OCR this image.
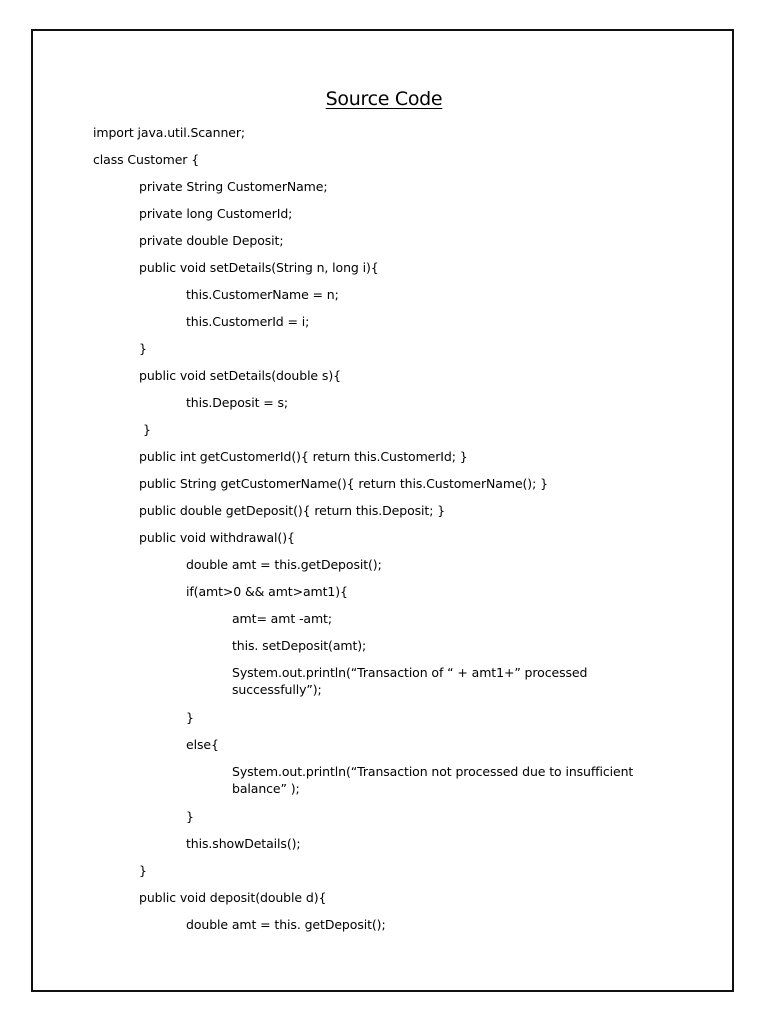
Source Code
import java.util.Scanner;
class Customer {
private String CustomerName;
private long CustomerId;
private double Deposit;
public void setDetails(String n, long i){
this.CustomerName = n;
this.CustomerId = i;
}
public void setDetails(double s){
this.Deposit = s;
}
public int getCustomerId(){ return this.CustomerId; }
public String getCustomerName(){ return this.CustomerName(); }
public double getDeposit(){ return this.Deposit; }
public void withdrawal(){
double amt = this.getDeposit();
if(amt>0 && amt>amt1){
amt= amt -amt;
this. setDeposit(amt);
System.out.println(“Transaction of “ + amt1+” processed successfully”);
}
else{
System.out.println(“Transaction not processed due to insufficient balance” );
}
this.showDetails();
}
public void deposit(double d){
double amt = this. getDeposit();
